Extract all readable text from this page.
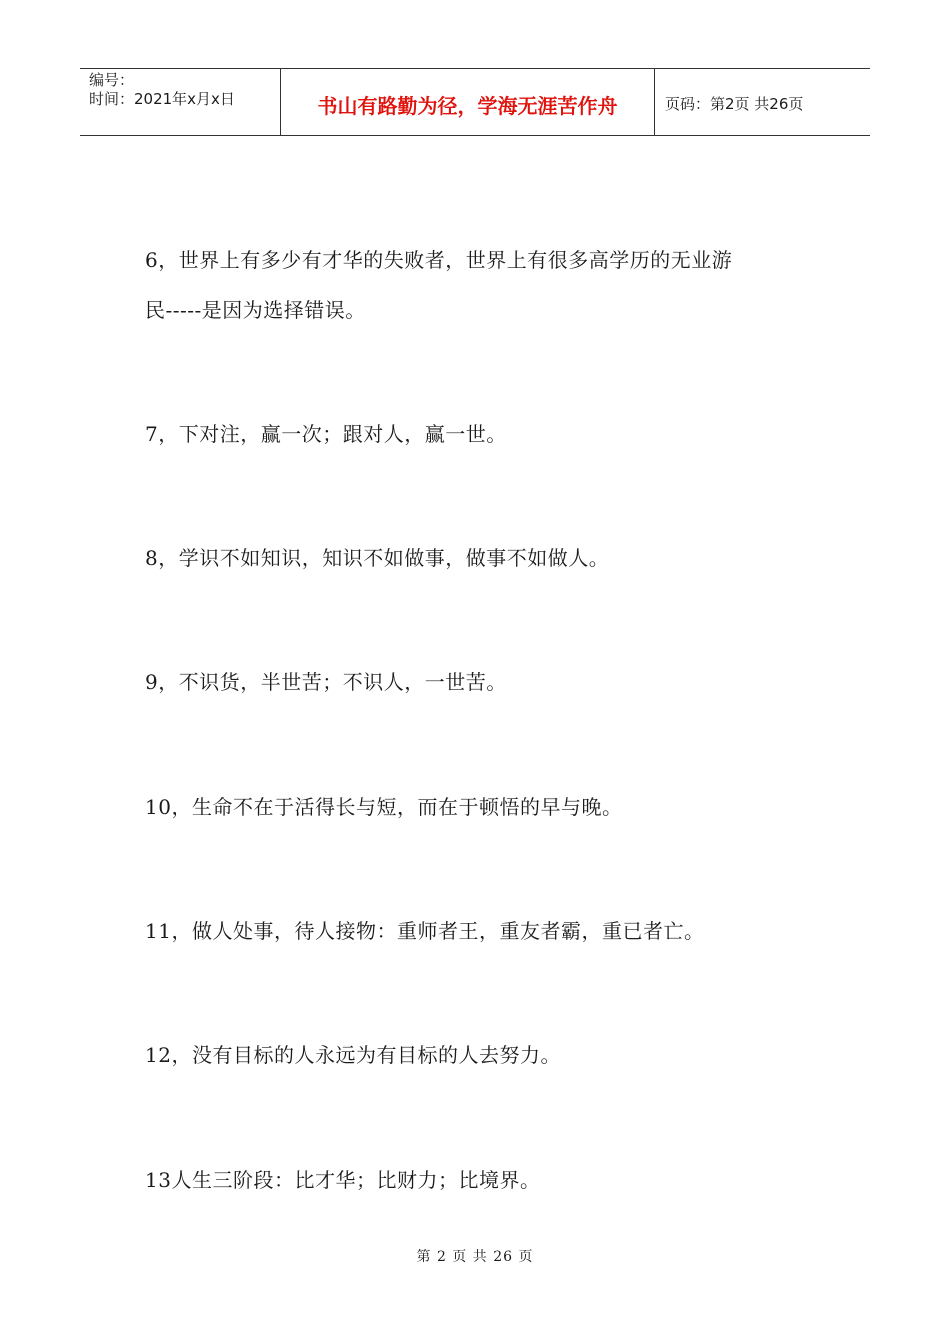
编号：
时间：2021年x月x日	书山有路勤为径，学海无涯苦作舟	页码：第2页 共26页
6，世界上有多少有才华的失败者，世界上有很多高学历的无业游
民-----是因为选择错误。
7，下对注，赢一次；跟对人，赢一世。
8，学识不如知识，知识不如做事，做事不如做人。
9，不识货，半世苦；不识人，一世苦。
10，生命不在于活得长与短，而在于顿悟的早与晚。
11，做人处事，待人接物：重师者王，重友者霸，重已者亡。
12，没有目标的人永远为有目标的人去努力。
13人生三阶段：比才华；比财力；比境界。
第 2 页 共 26 页
